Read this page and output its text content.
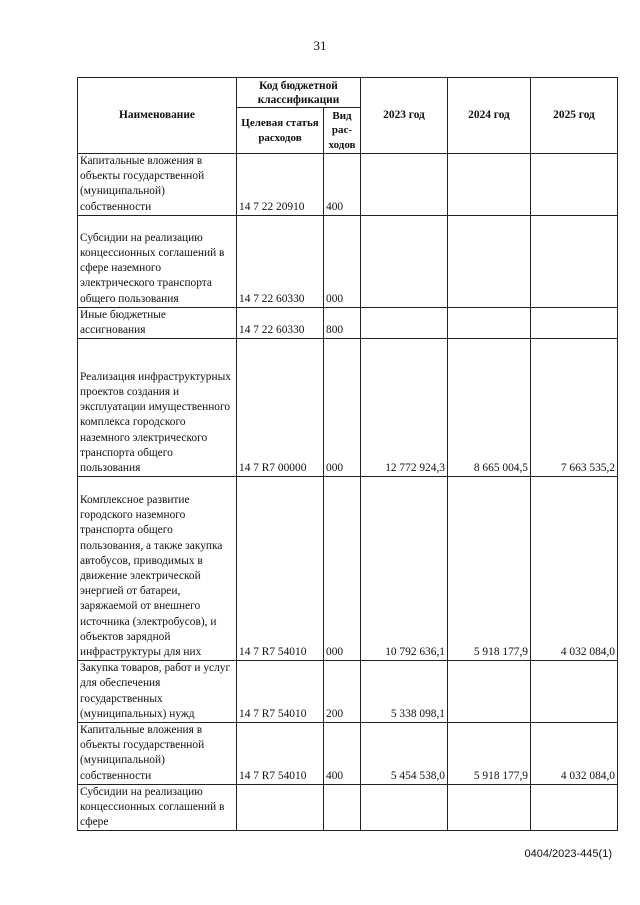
31
Наименование	Код бюджетной классификации		2023 год	2024 год	2025 год
	Целевая статья расходов	Вид рас- ходов			
Капитальные вложения в объекты государственной (муниципальной) собственности	14 7 22 20910	400			
Субсидии на реализацию концессионных соглашений в сфере наземного электрического транспорта общего пользования	14 7 22 60330	000			
Иные бюджетные ассигнования	14 7 22 60330	800			
Реализация инфраструктурных проектов создания и эксплуатации имущественного комплекса городского наземного электрического транспорта общего пользования	14 7 R7 00000	000	12 772 924,3	8 665 004,5	7 663 535,2
Комплексное развитие городского наземного транспорта общего пользования, а также закупка автобусов, приводимых в движение электрической энергией от батареи, заряжаемой от внешнего источника (электробусов), и объектов зарядной инфраструктуры для них	14 7 R7 54010	000	10 792 636,1	5 918 177,9	4 032 084,0
Закупка товаров, работ и услуг для обеспечения государственных (муниципальных) нужд	14 7 R7 54010	200	5 338 098,1		
Капитальные вложения в объекты государственной (муниципальной) собственности	14 7 R7 54010	400	5 454 538,0	5 918 177,9	4 032 084,0
Субсидии на реализацию концессионных соглашений в сфере					
0404/2023-445(1)
